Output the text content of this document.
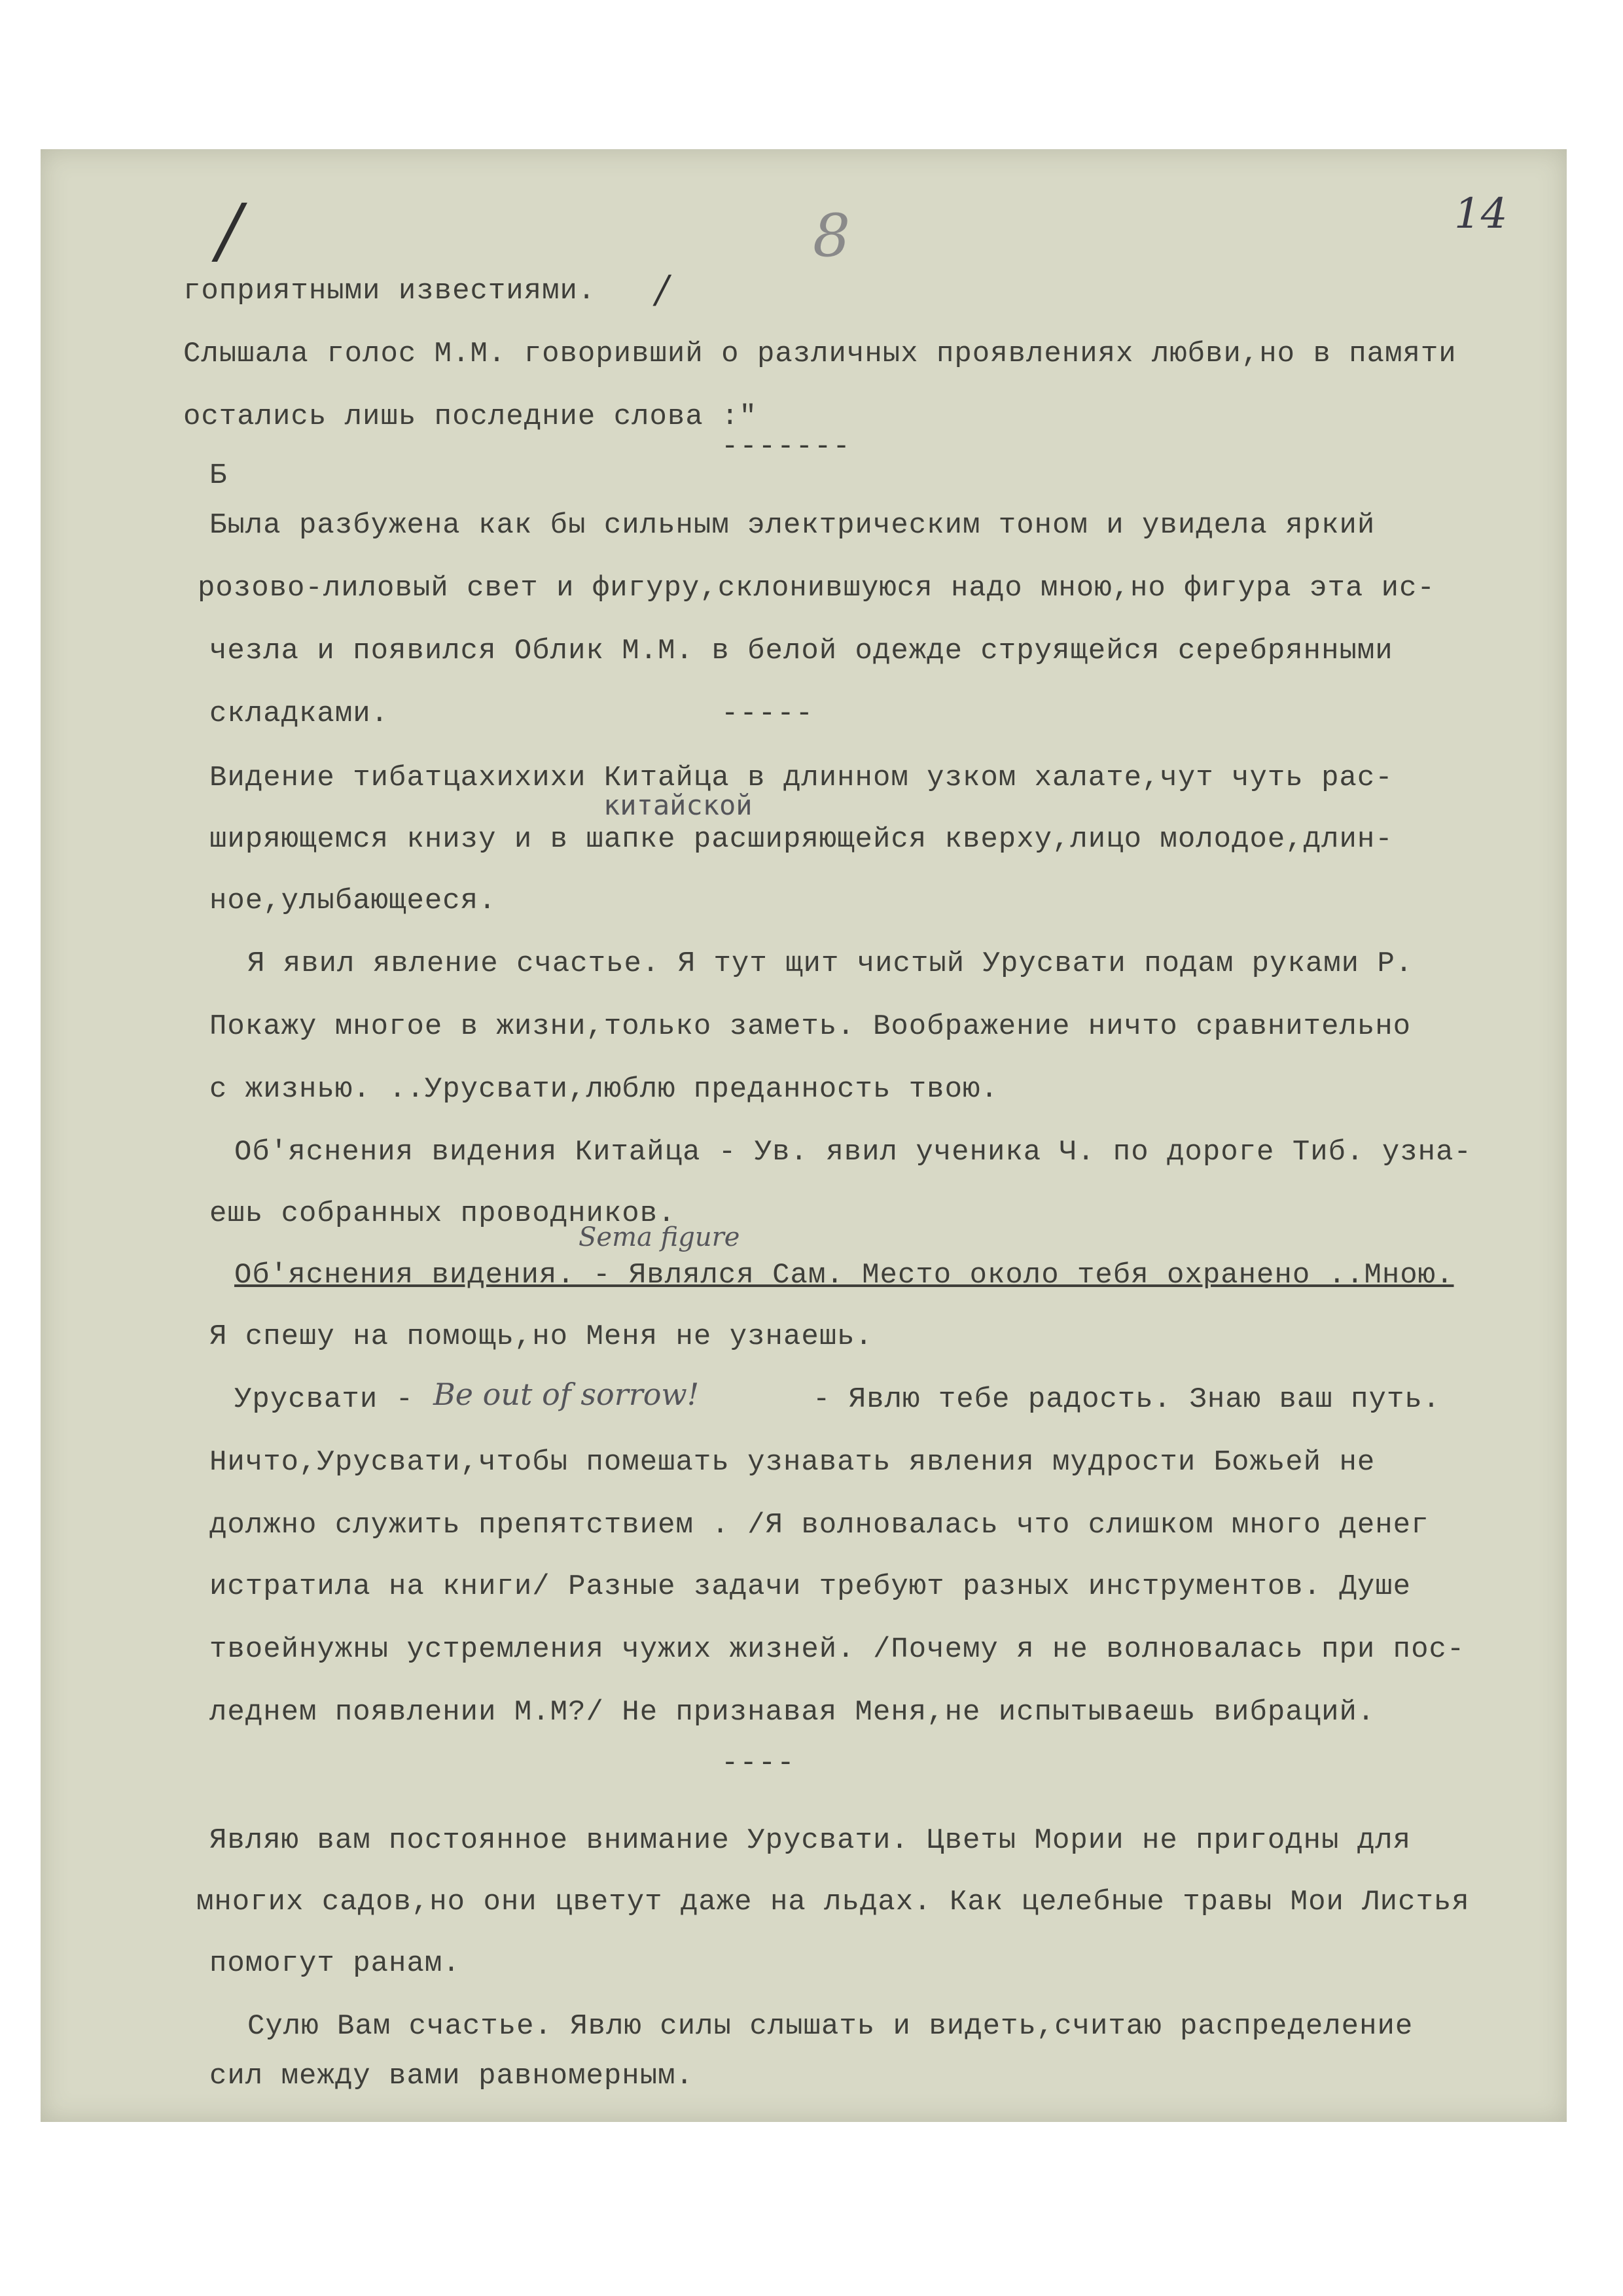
/	8	14
гоприятными известиями. /
Слышала голос М.М. говоривший о различных проявлениях любви,но в памяти
остались лишь последние слова :"
-------
Б
Была разбужена как бы сильным электрическим тоном и увидела яркий
розово-лиловый свет и фигуру,склонившуюся надо мною,но фигура эта ис-
чезла и появился Облик М.М. в белой одежде струящейся серебрянными
складками.	-----
Видение тибатцахихихи Китайца в длинном узком халате,чут чуть рас-
китайской
ширяющемся книзу и в шапке расширяющейся кверху,лицо молодое,длин-
ное,улыбающееся.
Я явил явление счастье. Я тут щит чистый Урусвати подам руками Р.
Покажу многое в жизни,только заметь. Воображение ничто сравнительно
с жизнью. ..Урусвати,люблю преданность твою.
Об'яснения видения Китайца - Ув. явил ученика Ч. по дороге Тиб. узна-
ешь собранных проводников.
Sema figure
Об'яснения видения. - Являлся Сам. Место около тебя охранено ..Мною.
Я спешу на помощь,но Меня не узнаешь.
Урусвати - Be out of sorrow!	- Явлю тебе радость. Знаю ваш путь.
Ничто,Урусвати,чтобы помешать узнавать явления мудрости Божьей не
должно служить препятствием . /Я волновалась что слишком много денег
истратила на книги/ Разные задачи требуют разных инструментов. Душе
твоейнужны устремления чужих жизней. /Почему я не волновалась при пос-
леднем появлении М.М?/ Не признавая Меня,не испытываешь вибраций.
----
Являю вам постоянное внимание Урусвати. Цветы Мории не пригодны для
многих садов,но они цветут даже на льдах. Как целебные травы Мои Листья
помогут ранам.
Сулю Вам счастье. Явлю силы слышать и видеть,считаю распределение
сил между вами равномерным.
